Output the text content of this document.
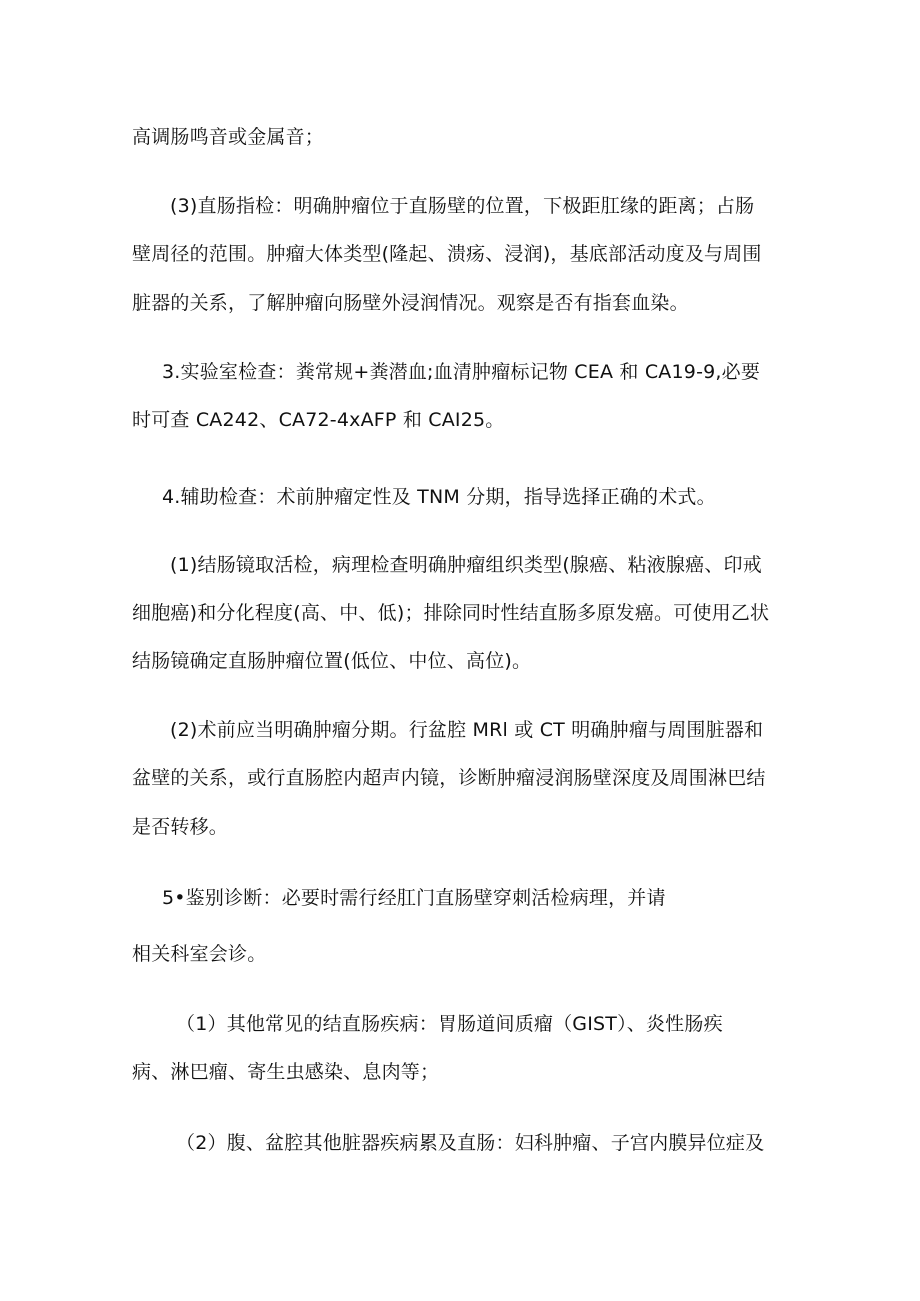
高调肠鸣音或金属音；
(3)直肠指检：明确肿瘤位于直肠壁的位置，下极距肛缘的距离；占肠
壁周径的范围。肿瘤大体类型(隆起、溃疡、浸润)，基底部活动度及与周围
脏器的关系，了解肿瘤向肠壁外浸润情况。观察是否有指套血染。
3.实验室检查：粪常规+粪潜血;血清肿瘤标记物 CEA 和 CA19-9,必要
时可查 CA242、CA72-4xAFP 和 CAI25。
4.辅助检查：术前肿瘤定性及 TNM 分期，指导选择正确的术式。
(1)结肠镜取活检，病理检查明确肿瘤组织类型(腺癌、粘液腺癌、印戒
细胞癌)和分化程度(高、中、低)；排除同时性结直肠多原发癌。可使用乙状
结肠镜确定直肠肿瘤位置(低位、中位、高位)。
(2)术前应当明确肿瘤分期。行盆腔 MRl 或 CT 明确肿瘤与周围脏器和
盆壁的关系，或行直肠腔内超声内镜，诊断肿瘤浸润肠壁深度及周围淋巴结
是否转移。
5•鉴别诊断：必要时需行经肛门直肠壁穿刺活检病理，并请
相关科室会诊。
（1）其他常见的结直肠疾病：胃肠道间质瘤（GIST）、炎性肠疾
病、淋巴瘤、寄生虫感染、息肉等；
（2）腹、盆腔其他脏器疾病累及直肠：妇科肿瘤、子宫内膜异位症及
